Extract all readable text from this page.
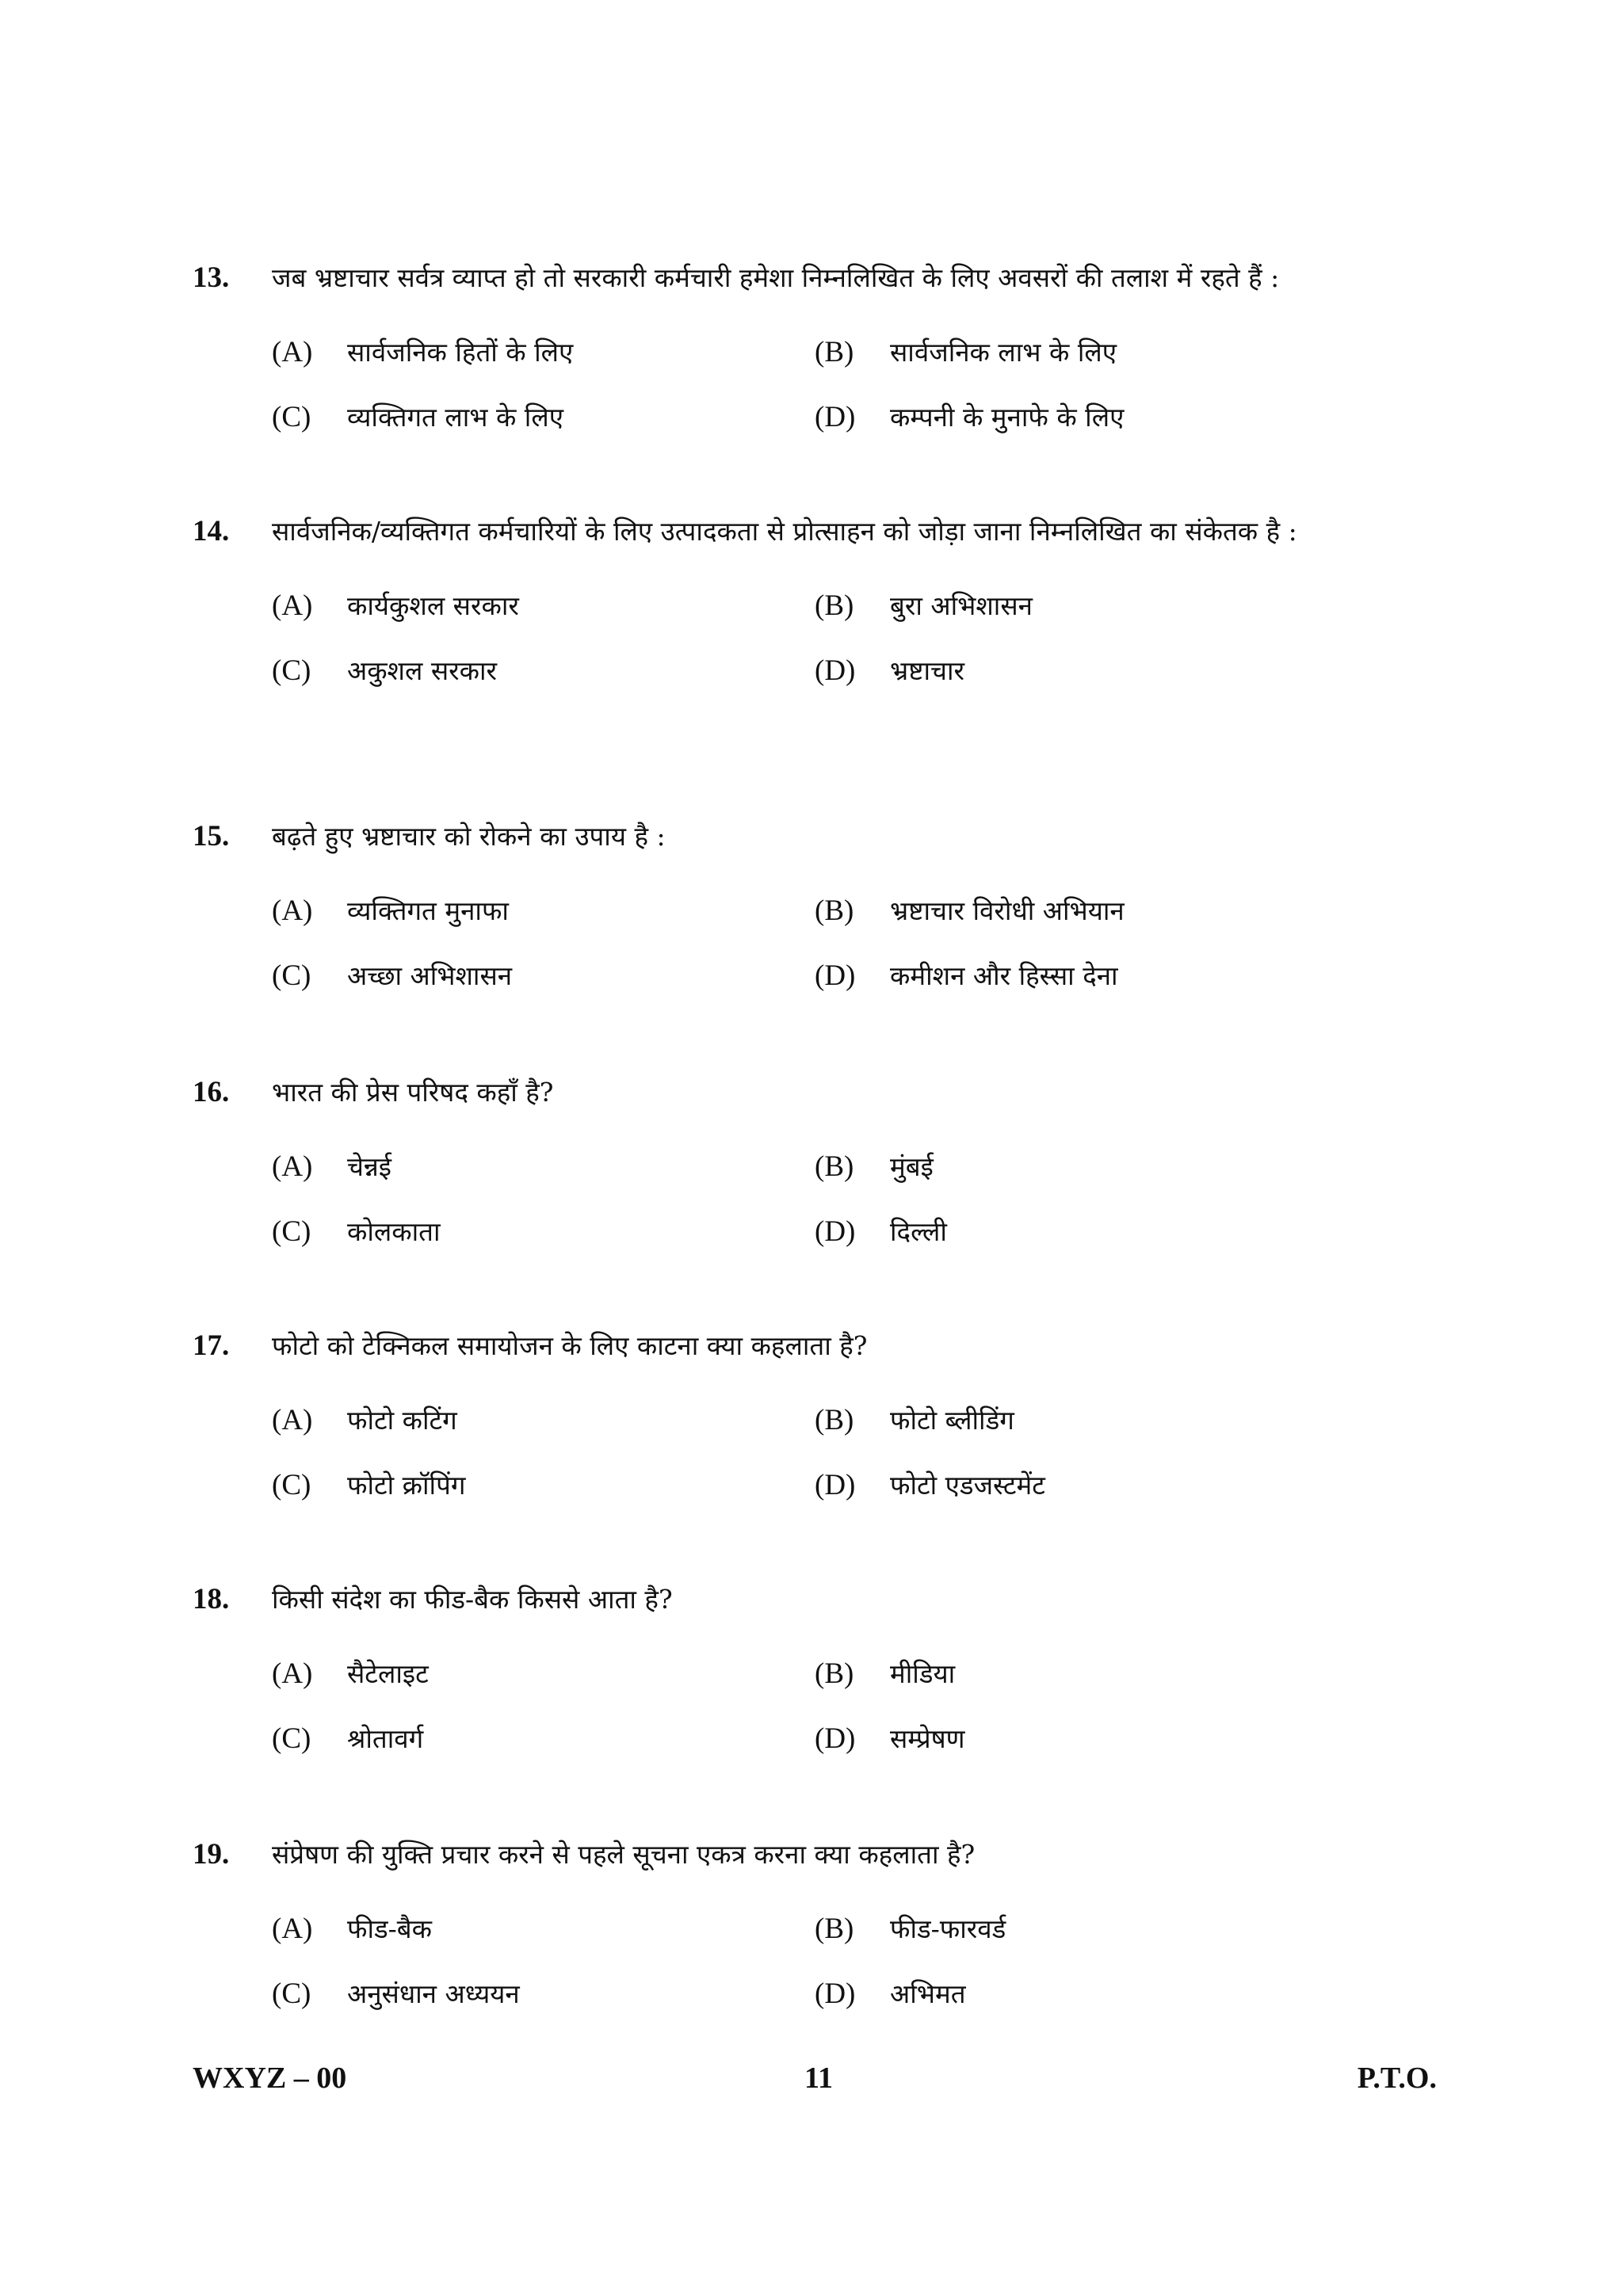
13.	जब भ्रष्टाचार सर्वत्र व्याप्त हो तो सरकारी कर्मचारी हमेशा निम्नलिखित के लिए अवसरों की तलाश में रहते हैं :
(A) सार्वजनिक हितों के लिए	(B) सार्वजनिक लाभ के लिए
(C) व्यक्तिगत लाभ के लिए	(D) कम्पनी के मुनाफे के लिए
14.	सार्वजनिक/व्यक्तिगत कर्मचारियों के लिए उत्पादकता से प्रोत्साहन को जोड़ा जाना निम्नलिखित का संकेतक है :
(A) कार्यकुशल सरकार	(B) बुरा अभिशासन
(C) अकुशल सरकार	(D) भ्रष्टाचार
15.	बढ़ते हुए भ्रष्टाचार को रोकने का उपाय है :
(A) व्यक्तिगत मुनाफा	(B) भ्रष्टाचार विरोधी अभियान
(C) अच्छा अभिशासन	(D) कमीशन और हिस्सा देना
16.	भारत की प्रेस परिषद कहाँ है?
(A) चेन्नई	(B) मुंबई
(C) कोलकाता	(D) दिल्ली
17.	फोटो को टेक्निकल समायोजन के लिए काटना क्या कहलाता है?
(A) फोटो कटिंग	(B) फोटो ब्लीडिंग
(C) फोटो क्रॉपिंग	(D) फोटो एडजस्टमेंट
18.	किसी संदेश का फीड-बैक किससे आता है?
(A) सैटेलाइट	(B) मीडिया
(C) श्रोतावर्ग	(D) सम्प्रेषण
19.	संप्रेषण की युक्ति प्रचार करने से पहले सूचना एकत्र करना क्या कहलाता है?
(A) फीड-बैक	(B) फीड-फारवर्ड
(C) अनुसंधान अध्ययन	(D) अभिमत
WXYZ – 00	11	P.T.O.
